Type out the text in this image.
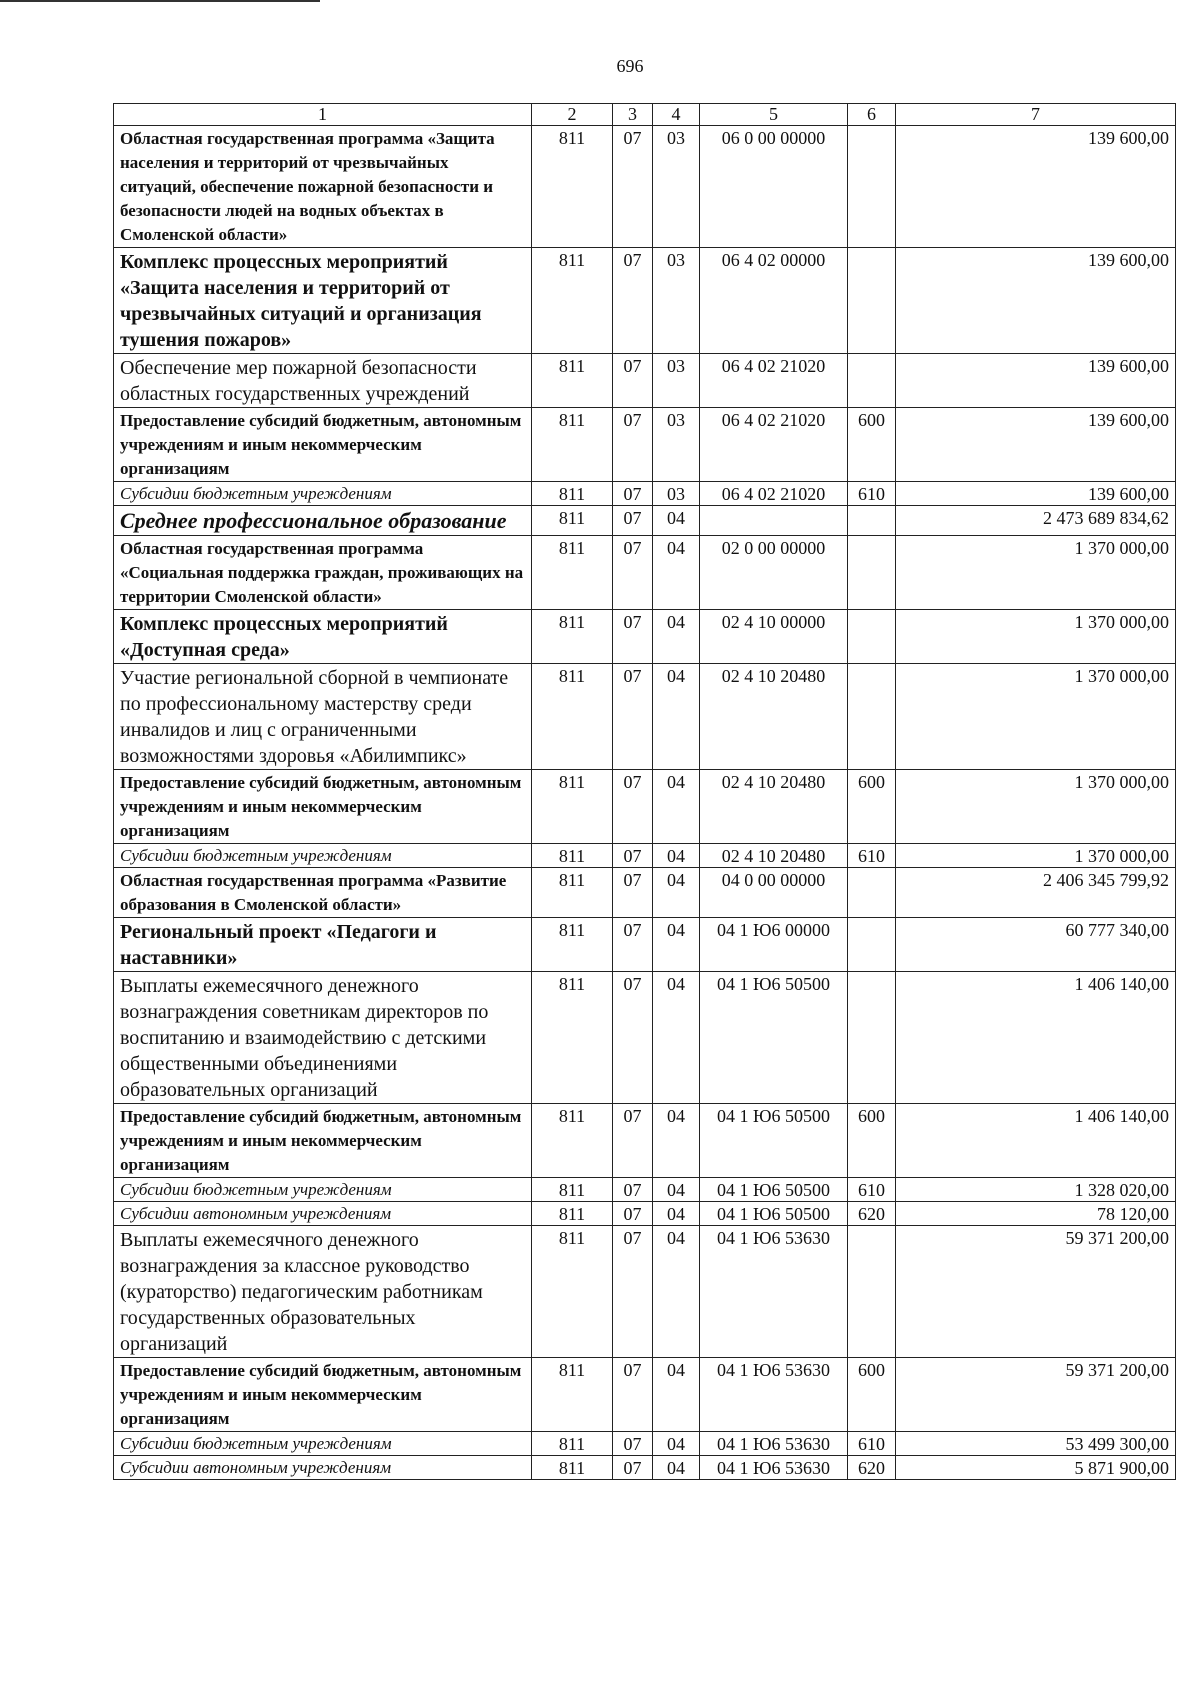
696
1	2	3	4	5	6	7
Областная государственная программа «Защита населения и территорий от чрезвычайных ситуаций, обеспечение пожарной безопасности и безопасности людей на водных объектах в Смоленской области»	811	07	03	06 0 00 00000		139 600,00
Комплекс процессных мероприятий «Защита населения и территорий от чрезвычайных ситуаций и организация тушения пожаров»	811	07	03	06 4 02 00000		139 600,00
Обеспечение мер пожарной безопасности областных государственных учреждений	811	07	03	06 4 02 21020		139 600,00
Предоставление субсидий бюджетным, автономным учреждениям и иным некоммерческим организациям	811	07	03	06 4 02 21020	600	139 600,00
Субсидии бюджетным учреждениям	811	07	03	06 4 02 21020	610	139 600,00
Среднее профессиональное образование	811	07	04			2 473 689 834,62
Областная государственная программа «Социальная поддержка граждан, проживающих на территории Смоленской области»	811	07	04	02 0 00 00000		1 370 000,00
Комплекс процессных мероприятий «Доступная среда»	811	07	04	02 4 10 00000		1 370 000,00
Участие региональной сборной в чемпионате по профессиональному мастерству среди инвалидов и лиц с ограниченными возможностями здоровья «Абилимпикс»	811	07	04	02 4 10 20480		1 370 000,00
Предоставление субсидий бюджетным, автономным учреждениям и иным некоммерческим организациям	811	07	04	02 4 10 20480	600	1 370 000,00
Субсидии бюджетным учреждениям	811	07	04	02 4 10 20480	610	1 370 000,00
Областная государственная программа «Развитие образования в Смоленской области»	811	07	04	04 0 00 00000		2 406 345 799,92
Региональный проект «Педагоги и наставники»	811	07	04	04 1 Ю6 00000		60 777 340,00
Выплаты ежемесячного денежного вознаграждения советникам директоров по воспитанию и взаимодействию с детскими общественными объединениями образовательных организаций	811	07	04	04 1 Ю6 50500		1 406 140,00
Предоставление субсидий бюджетным, автономным учреждениям и иным некоммерческим организациям	811	07	04	04 1 Ю6 50500	600	1 406 140,00
Субсидии бюджетным учреждениям	811	07	04	04 1 Ю6 50500	610	1 328 020,00
Субсидии автономным учреждениям	811	07	04	04 1 Ю6 50500	620	78 120,00
Выплаты ежемесячного денежного вознаграждения за классное руководство (кураторство) педагогическим работникам государственных образовательных организаций	811	07	04	04 1 Ю6 53630		59 371 200,00
Предоставление субсидий бюджетным, автономным учреждениям и иным некоммерческим организациям	811	07	04	04 1 Ю6 53630	600	59 371 200,00
Субсидии бюджетным учреждениям	811	07	04	04 1 Ю6 53630	610	53 499 300,00
Субсидии автономным учреждениям	811	07	04	04 1 Ю6 53630	620	5 871 900,00
